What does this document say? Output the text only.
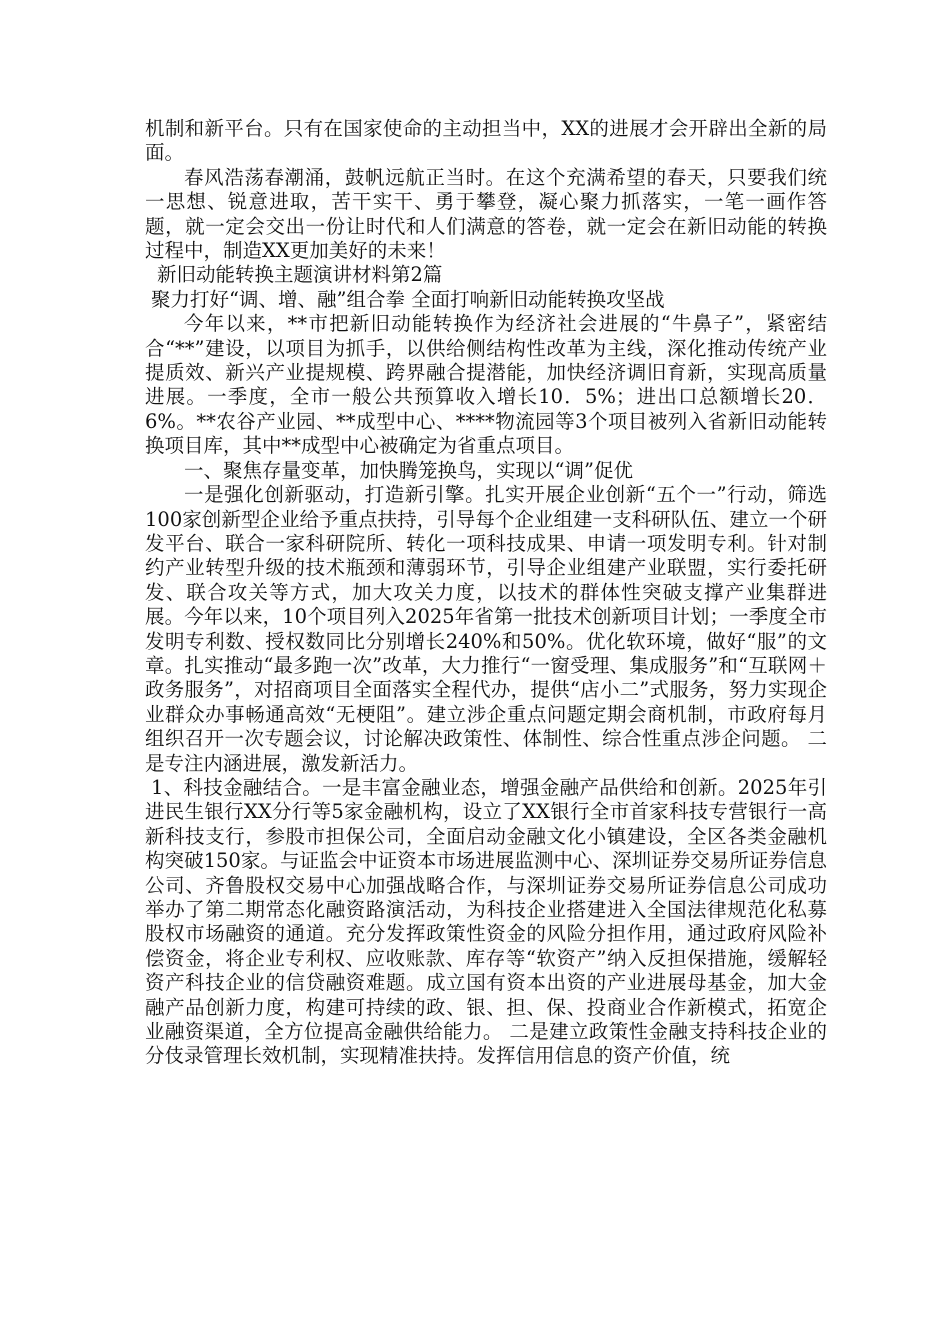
机制和新平台。只有在国家使命的主动担当中，XX的进展才会开辟出全新的局面。

春风浩荡春潮涌，鼓帆远航正当时。在这个充满希望的春天，只要我们统一思想、锐意进取，苦干实干、勇于攀登，凝心聚力抓落实，一笔一画作答题，就一定会交出一份让时代和人们满意的答卷，就一定会在新旧动能的转换过程中，制造XX更加美好的未来！

新旧动能转换主题演讲材料第2篇

聚力打好“调、增、融”组合拳 全面打响新旧动能转换攻坚战

今年以来，**市把新旧动能转换作为经济社会进展的“牛鼻子”，紧密结合“**”建设，以项目为抓手，以供给侧结构性改革为主线，深化推动传统产业提质效、新兴产业提规模、跨界融合提潜能，加快经济调旧育新，实现高质量进展。一季度，全市一般公共预算收入增长10．5%；进出口总额增长20．6%。**农谷产业园、**成型中心、****物流园等3个项目被列入省新旧动能转换项目库，其中**成型中心被确定为省重点项目。

一、聚焦存量变革，加快腾笼换鸟，实现以“调”促优

一是强化创新驱动，打造新引擎。扎实开展企业创新“五个一”行动，筛选100家创新型企业给予重点扶持，引导每个企业组建一支科研队伍、建立一个研发平台、联合一家科研院所、转化一项科技成果、申请一项发明专利。针对制约产业转型升级的技术瓶颈和薄弱环节，引导企业组建产业联盟，实行委托研发、联合攻关等方式，加大攻关力度，以技术的群体性突破支撑产业集群进展。今年以来，10个项目列入2025年省第一批技术创新项目计划；一季度全市发明专利数、授权数同比分别增长240%和50%。优化软环境，做好“服”的文章。扎实推动“最多跑一次”改革，大力推行“一窗受理、集成服务”和“互联网＋政务服务”，对招商项目全面落实全程代办，提供“店小二”式服务，努力实现企业群众办事畅通高效“无梗阻”。建立涉企重点问题定期会商机制，市政府每月组织召开一次专题会议，讨论解决政策性、体制性、综合性重点涉企问题。 二是专注内涵进展，激发新活力。

1、科技金融结合。一是丰富金融业态，增强金融产品供给和创新。2025年引进民生银行XX分行等5家金融机构，设立了XX银行全市首家科技专营银行一高新科技支行，参股市担保公司，全面启动金融文化小镇建设，全区各类金融机构突破150家。与证监会中证资本市场进展监测中心、深圳证券交易所证券信息公司、齐鲁股权交易中心加强战略合作，与深圳证券交易所证券信息公司成功举办了第二期常态化融资路演活动，为科技企业搭建进入全国法律规范化私募股权市场融资的通道。充分发挥政策性资金的风险分担作用，通过政府风险补偿资金，将企业专利权、应收账款、库存等“软资产”纳入反担保措施，缓解轻资产科技企业的信贷融资难题。成立国有资本出资的产业进展母基金，加大金融产品创新力度，构建可持续的政、银、担、保、投商业合作新模式，拓宽企业融资渠道，全方位提高金融供给能力。 二是建立政策性金融支持科技企业的分伎录管理长效机制，实现精准扶持。发挥信用信息的资产价值，统
